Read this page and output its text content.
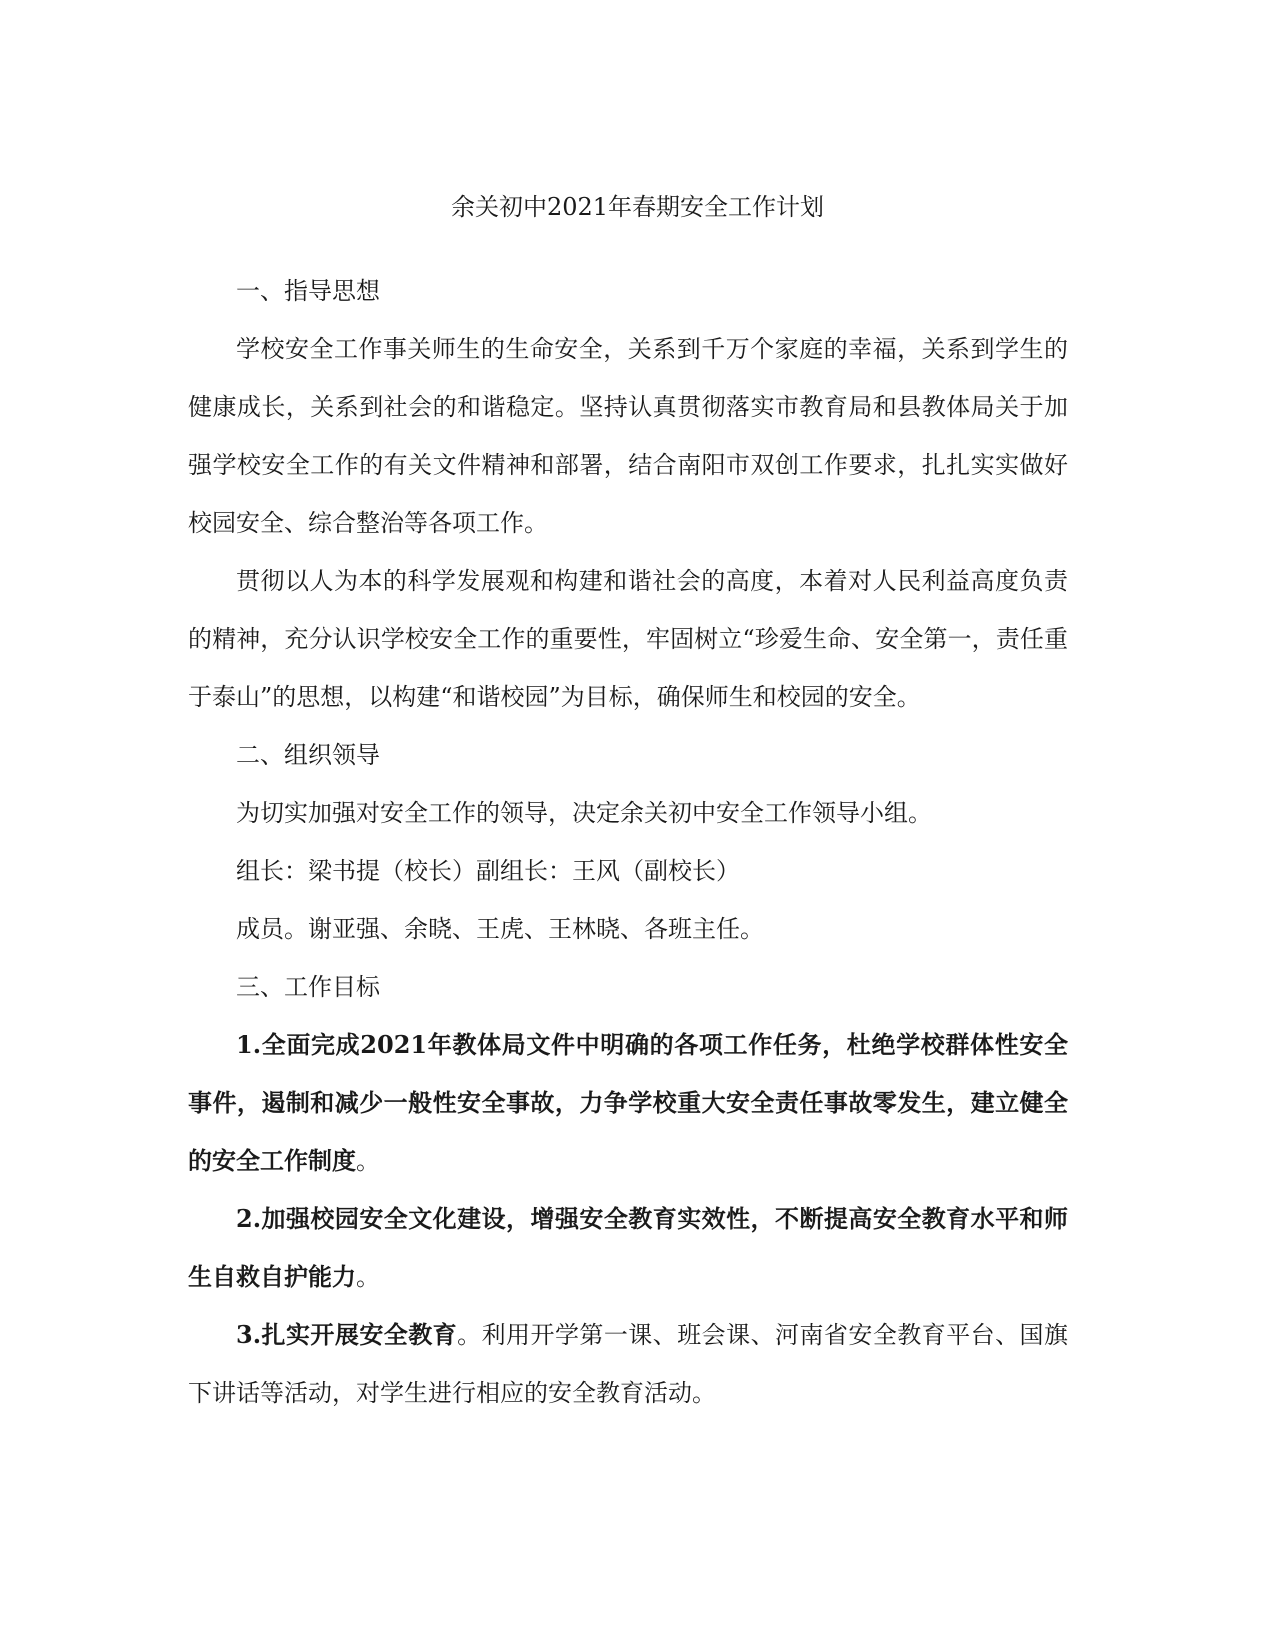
余关初中2021年春期安全工作计划

一、指导思想

学校安全工作事关师生的生命安全，关系到千万个家庭的幸福，关系到学生的健康成长，关系到社会的和谐稳定。坚持认真贯彻落实市教育局和县教体局关于加强学校安全工作的有关文件精神和部署，结合南阳市双创工作要求，扎扎实实做好校园安全、综合整治等各项工作。

贯彻以人为本的科学发展观和构建和谐社会的高度，本着对人民利益高度负责的精神，充分认识学校安全工作的重要性，牢固树立“珍爱生命、安全第一，责任重于泰山”的思想，以构建“和谐校园”为目标，确保师生和校园的安全。

二、组织领导

为切实加强对安全工作的领导，决定余关初中安全工作领导小组。

组长：梁书提（校长）副组长：王风（副校长）

成员。谢亚强、余晓、王虎、王林晓、各班主任。

三、工作目标

1.全面完成2021年教体局文件中明确的各项工作任务，杜绝学校群体性安全事件，遏制和减少一般性安全事故，力争学校重大安全责任事故零发生，建立健全的安全工作制度。

2.加强校园安全文化建设，增强安全教育实效性，不断提高安全教育水平和师生自救自护能力。

3.扎实开展安全教育。利用开学第一课、班会课、河南省安全教育平台、国旗下讲话等活动，对学生进行相应的安全教育活动。
